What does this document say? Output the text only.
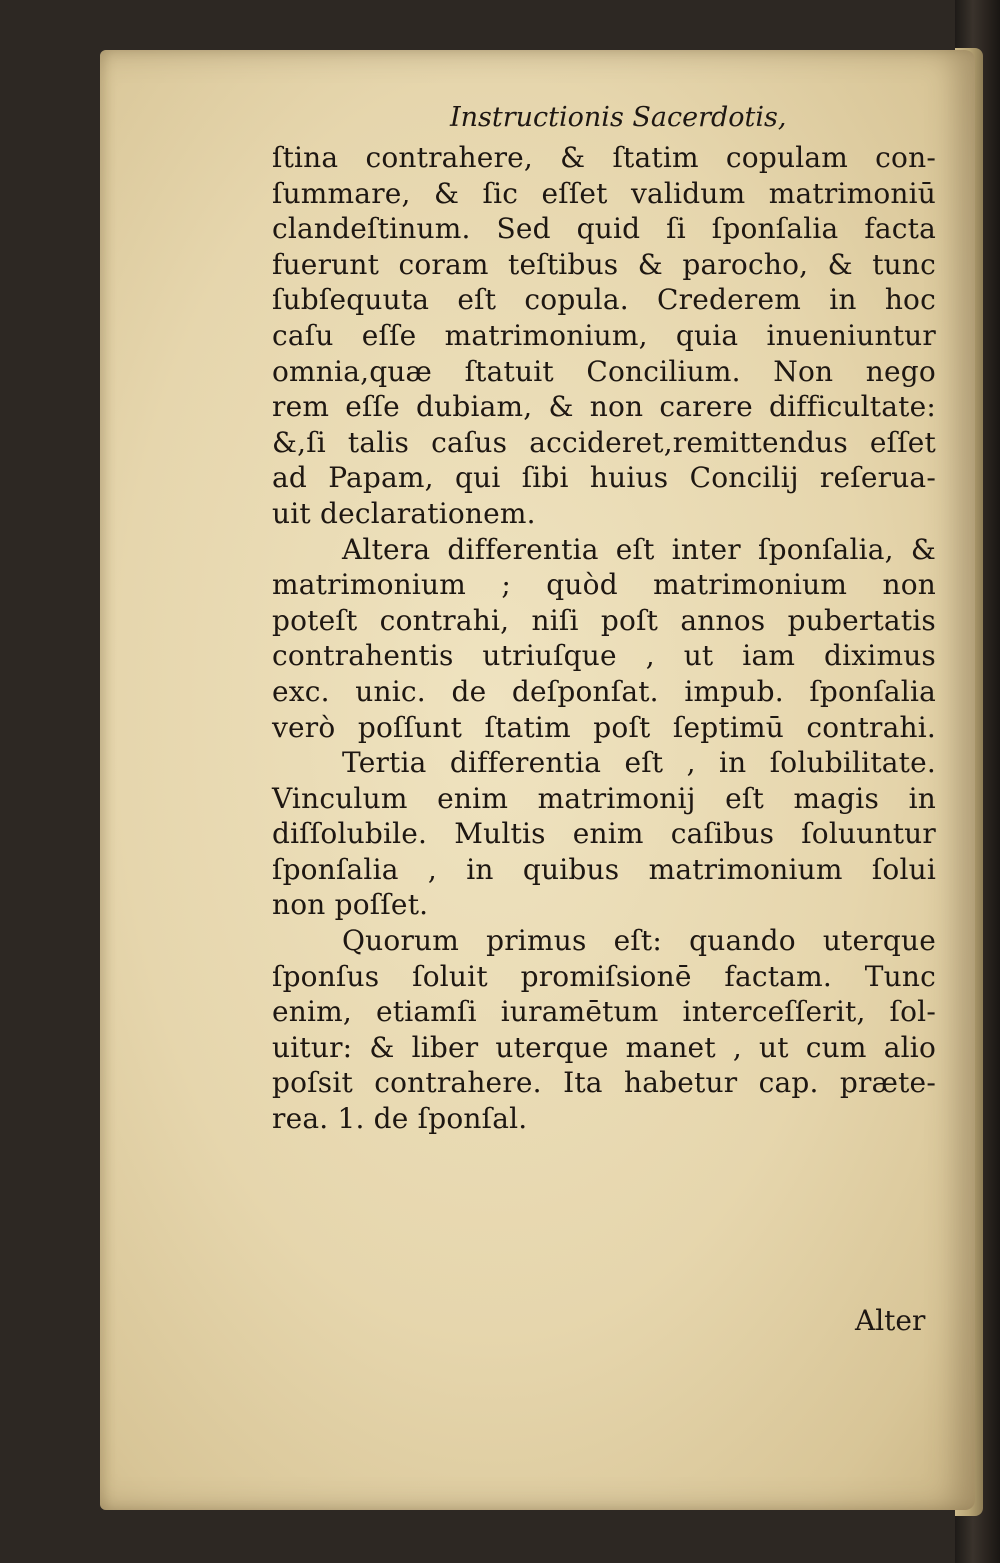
Instructionis Sacerdotis,
ſtina contrahere, & ſtatim copulam con-
ſummare, & ſic eſſet validum matrimoniū
clandeſtinum. Sed quid ſi ſponſalia facta
fuerunt coram teſtibus & parocho, & tunc
ſubſequuta eſt copula. Crederem in hoc
caſu eſſe matrimonium, quia inueniuntur
omnia,quæ ſtatuit Concilium. Non nego
rem eſſe dubiam, & non carere difficultate:
&,ſi talis caſus accideret,remittendus eſſet
ad Papam, qui ſibi huius Concilij reſerua-
uit declarationem.
Altera differentia eſt inter ſponſalia, &
matrimonium ; quòd matrimonium non
poteſt contrahi, niſi poſt annos pubertatis
contrahentis utriuſque , ut iam diximus
exc. unic. de deſponſat. impub. ſponſalia
verò poſſunt ſtatim poſt ſeptimū contrahi.
Tertia differentia eſt , in ſolubilitate.
Vinculum enim matrimonij eſt magis in
diſſolubile. Multis enim caſibus ſoluuntur
ſponſalia , in quibus matrimonium ſolui
non poſſet.
Quorum primus eſt: quando uterque
ſponſus ſoluit promiſsionē factam. Tunc
enim, etiamſi iuramētum interceſſerit, ſol-
uitur: & liber uterque manet , ut cum alio
poſsit contrahere. Ita habetur cap. præte-
rea. 1. de ſponſal.
Alter
